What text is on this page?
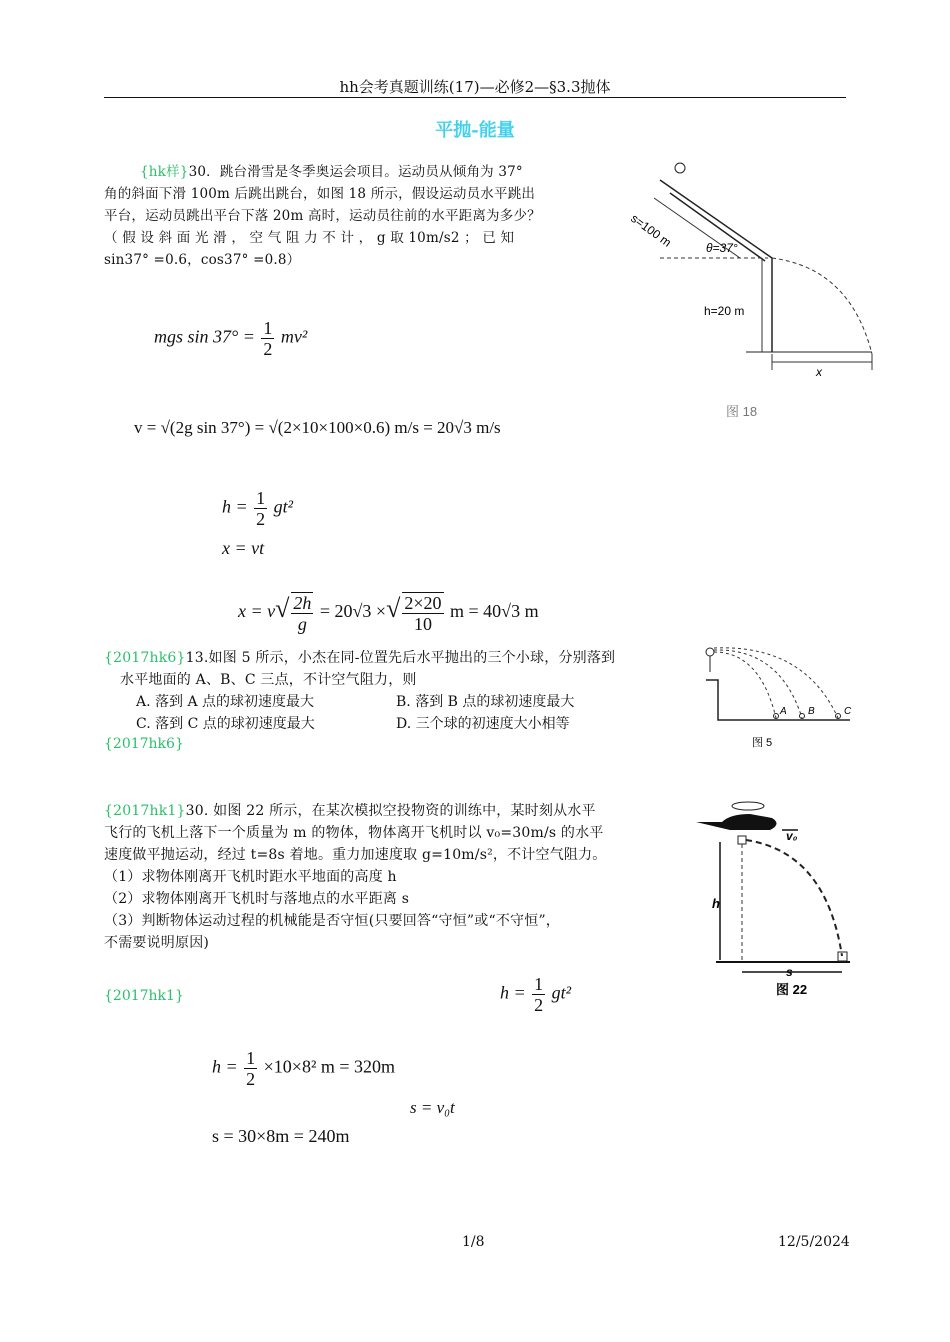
hh会考真题训练(17)—必修2—§3.3抛体
平抛-能量
{hk样}30．跳台滑雪是冬季奥运会项目。运动员从倾角为 37°
角的斜面下滑 100m 后跳出跳台，如图 18 所示，假设运动员水平跳出
平台，运动员跳出平台下落 20m 高时，运动员往前的水平距离为多少？
（ 假 设 斜 面 光 滑 ， 空 气 阻 力 不 计 ， g 取 10m/s2 ； 已 知
sin37° =0.6，cos37° =0.8）
s=100 m	θ=37°
h=20 m
x
图 18
mgs $\sin 37^\circ = \frac{1}{2} mv^2$
v = √(2g sin 37°) = √(2×10×100×0.6) m/s = 20√3 m/s
$h = \frac{1}{2} gt^2$
x = vt
$x = v√ \frac{2h}{g} = 20√3$ ×√ $\frac{2\times 20}{10}$ m = 40√3 m
{2017hk6}13.如图 5 所示，小杰在同-位置先后水平抛出的三个小球，分别落到
水平地面的 A、B、C 三点，不计空气阻力，则
A. 落到 A 点的球初速度最大	B. 落到 B 点的球初速度最大
C. 落到 C 点的球初速度最大	D. 三个球的初速度大小相等
{2017hk6}
A B	C
图 5
{2017hk1}30. 如图 22 所示，在某次模拟空投物资的训练中，某时刻从水平
飞行的飞机上落下一个质量为 m 的物体，物体离开飞机时以 v₀=30m/s 的水平
速度做平抛运动，经过 t=8s 着地。重力加速度取 g=10m/s²，不计空气阻力。
（1）求物体刚离开飞机时距水平地面的高度 h
（2）求物体刚离开飞机时与落地点的水平距离 s
（3）判断物体运动过程的机械能是否守恒(只要回答“守恒”或“不守恒”，
不需要说明原因)
v₀
h
s
图 22
{2017hk1}	$h = \frac{1}{2} gt^2$
$h = \frac{1}{2} \times 10\times 8^2$ m = 320m
s = v₀t
s = 30×8m = 240m
1/8	12/5/2024
